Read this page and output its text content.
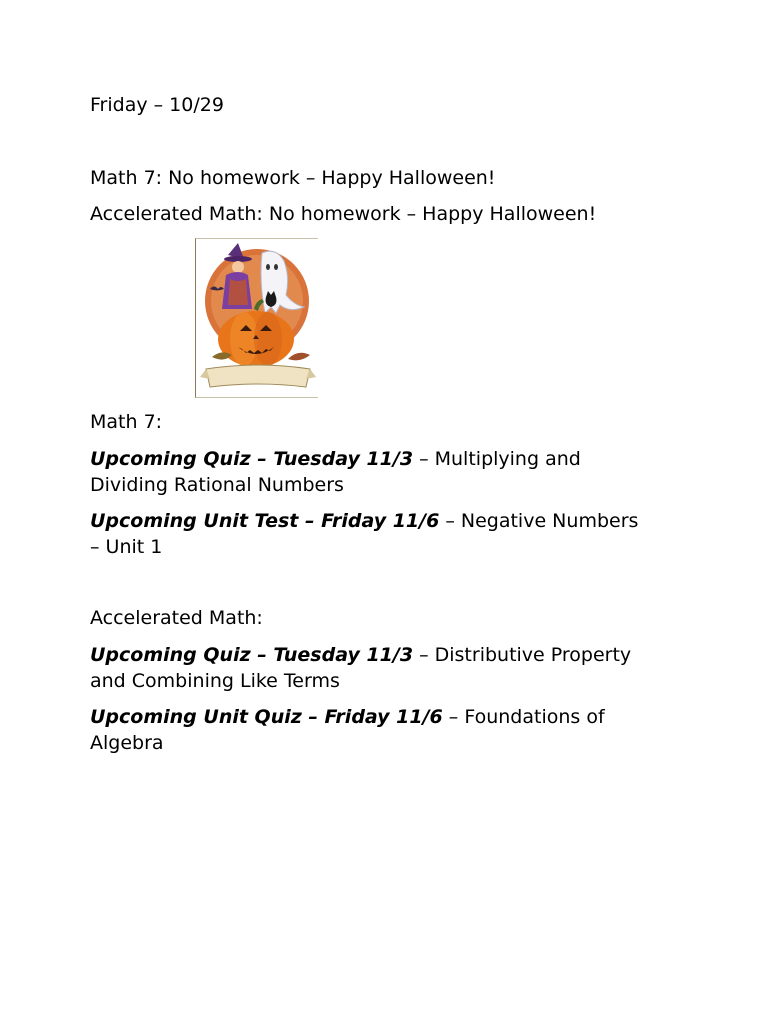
Friday – 10/29

Math 7: No homework – Happy Halloween!

Accelerated Math: No homework – Happy Halloween!

Math 7:

Upcoming Quiz – Tuesday 11/3 – Multiplying and
Dividing Rational Numbers
Upcoming Unit Test – Friday 11/6 – Negative Numbers
– Unit 1

Accelerated Math:

Upcoming Quiz – Tuesday 11/3 – Distributive Property
and Combining Like Terms
Upcoming Unit Quiz – Friday 11/6 – Foundations of
Algebra
